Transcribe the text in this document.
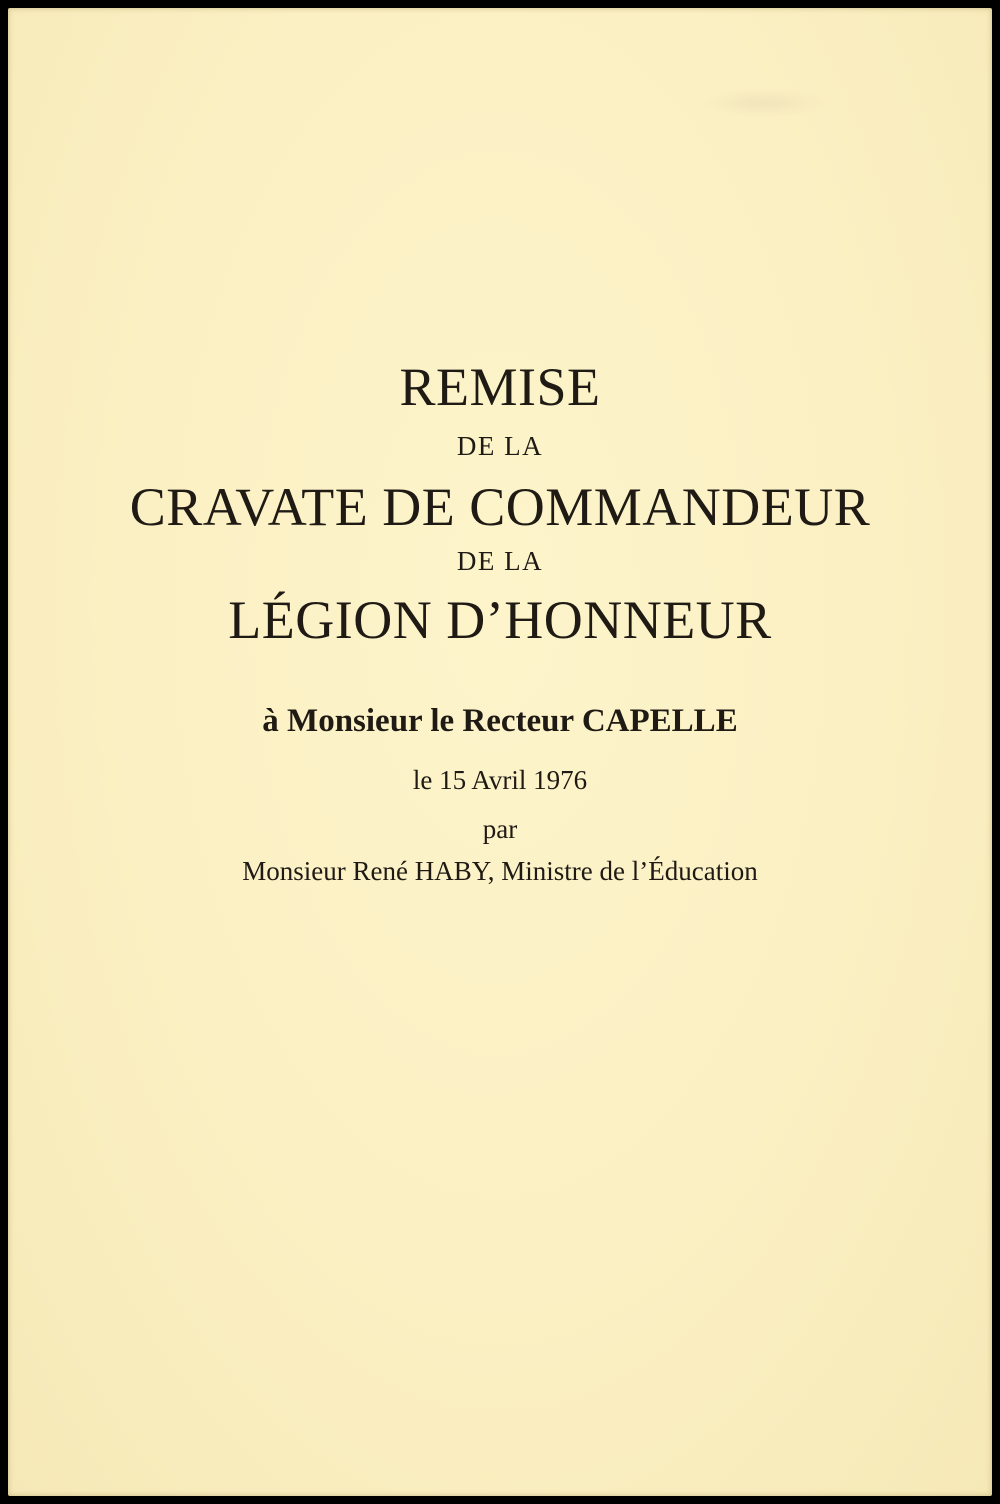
REMISE
DE LA
CRAVATE DE COMMANDEUR
DE LA
LÉGION D’HONNEUR
à Monsieur le Recteur CAPELLE
le 15 Avril 1976
par
Monsieur René HABY, Ministre de l’Éducation
